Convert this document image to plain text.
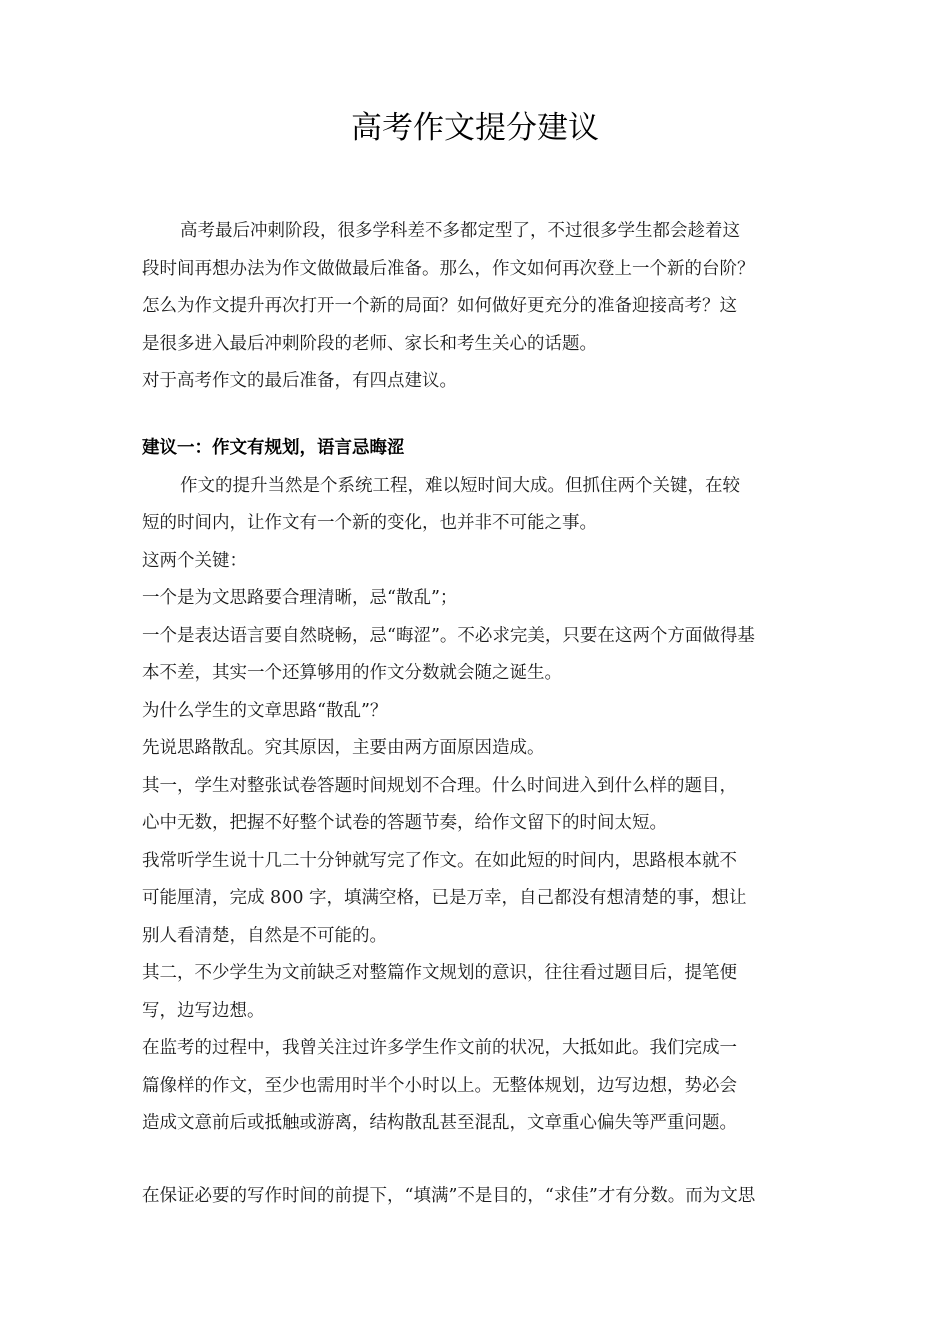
高考作文提分建议

高考最后冲刺阶段，很多学科差不多都定型了，不过很多学生都会趁着这

段时间再想办法为作文做做最后准备。那么，作文如何再次登上一个新的台阶？

怎么为作文提升再次打开一个新的局面？如何做好更充分的准备迎接高考？这

是很多进入最后冲刺阶段的老师、家长和考生关心的话题。

对于高考作文的最后准备，有四点建议。

建议一：作文有规划，语言忌晦涩

作文的提升当然是个系统工程，难以短时间大成。但抓住两个关键，在较

短的时间内，让作文有一个新的变化，也并非不可能之事。

这两个关键：

一个是为文思路要合理清晰，忌“散乱”；

一个是表达语言要自然晓畅，忌“晦涩”。不必求完美，只要在这两个方面做得基

本不差，其实一个还算够用的作文分数就会随之诞生。

为什么学生的文章思路“散乱”？

先说思路散乱。究其原因，主要由两方面原因造成。

其一，学生对整张试卷答题时间规划不合理。什么时间进入到什么样的题目，

心中无数，把握不好整个试卷的答题节奏，给作文留下的时间太短。

我常听学生说十几二十分钟就写完了作文。在如此短的时间内，思路根本就不

可能厘清，完成 800 字，填满空格，已是万幸，自己都没有想清楚的事，想让

别人看清楚，自然是不可能的。

其二，不少学生为文前缺乏对整篇作文规划的意识，往往看过题目后，提笔便

写，边写边想。

在监考的过程中，我曾关注过许多学生作文前的状况，大抵如此。我们完成一

篇像样的作文，至少也需用时半个小时以上。无整体规划，边写边想，势必会

造成文意前后或抵触或游离，结构散乱甚至混乱，文章重心偏失等严重问题。

在保证必要的写作时间的前提下，“填满”不是目的，“求佳”才有分数。而为文思
